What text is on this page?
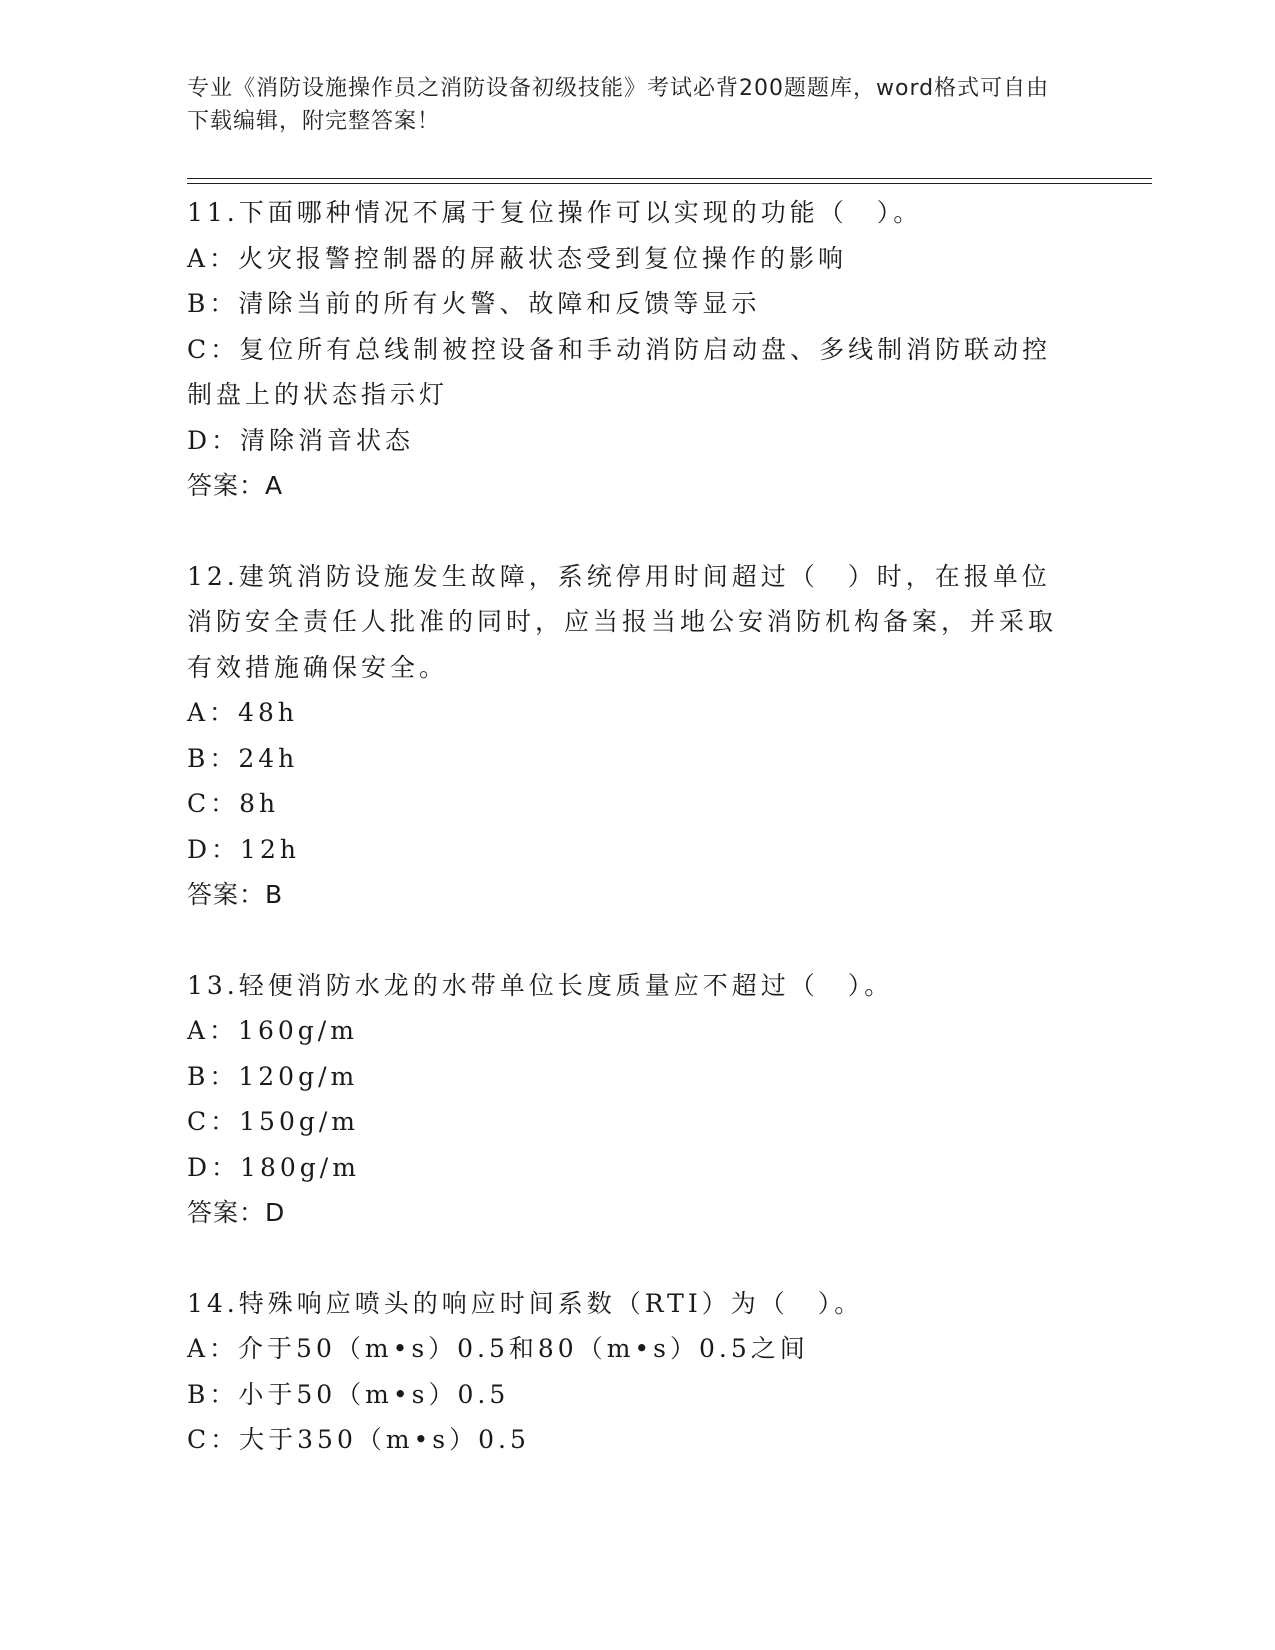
专业《消防设施操作员之消防设备初级技能》考试必背200题题库，word格式可自由下载编辑，附完整答案！
11.下面哪种情况不属于复位操作可以实现的功能（　）。
A：火灾报警控制器的屏蔽状态受到复位操作的影响
B：清除当前的所有火警、故障和反馈等显示
C：复位所有总线制被控设备和手动消防启动盘、多线制消防联动控制盘上的状态指示灯
D：清除消音状态
答案：A
12.建筑消防设施发生故障，系统停用时间超过（　）时，在报单位消防安全责任人批准的同时，应当报当地公安消防机构备案，并采取有效措施确保安全。
A：48h
B：24h
C：8h
D：12h
答案：B
13.轻便消防水龙的水带单位长度质量应不超过（　）。
A：160g/m
B：120g/m
C：150g/m
D：180g/m
答案：D
14.特殊响应喷头的响应时间系数（RTI）为（　）。
A：介于50（m•s）0.5和80（m•s）0.5之间
B：小于50（m•s）0.5
C：大于350（m•s）0.5
